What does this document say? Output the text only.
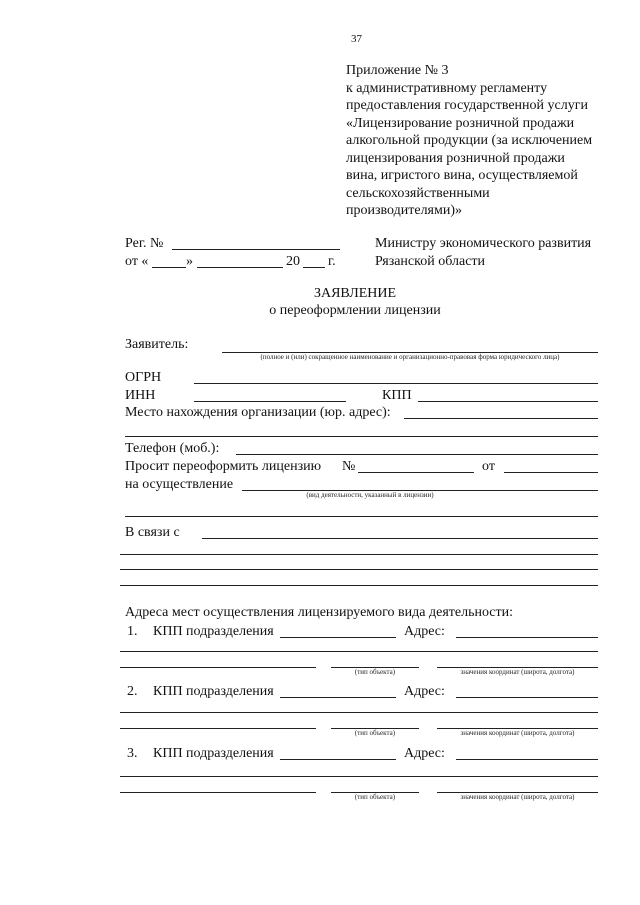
37
Приложение № 3
к административному регламенту
предоставления государственной услуги
«Лицензирование розничной продажи
алкогольной продукции (за исключением
лицензирования розничной продажи
вина, игристого вина, осуществляемой
сельскохозяйственными
производителями)»
Рег. №
от «	»	20 г.
Министру экономического развития
Рязанской области
ЗАЯВЛЕНИЕ
о переоформлении лицензии
Заявитель:
(полное и (или) сокращенное наименование и организационно-правовая форма юридического лица)
ОГРН
ИНН	КПП
Место нахождения организации (юр. адрес):
Телефон (моб.):
Просит переоформить лицензию №	от
на осуществление
(вид деятельности, указанный в лицензии)
В связи с
Адреса мест осуществления лицензируемого вида деятельности:
1. КПП подразделения	Адрес:
(тип объекта)	значения координат (широта, долгота)
2. КПП подразделения	Адрес:
(тип объекта)	значения координат (широта, долгота)
3. КПП подразделения	Адрес:
(тип объекта)	значения координат (широта, долгота)
